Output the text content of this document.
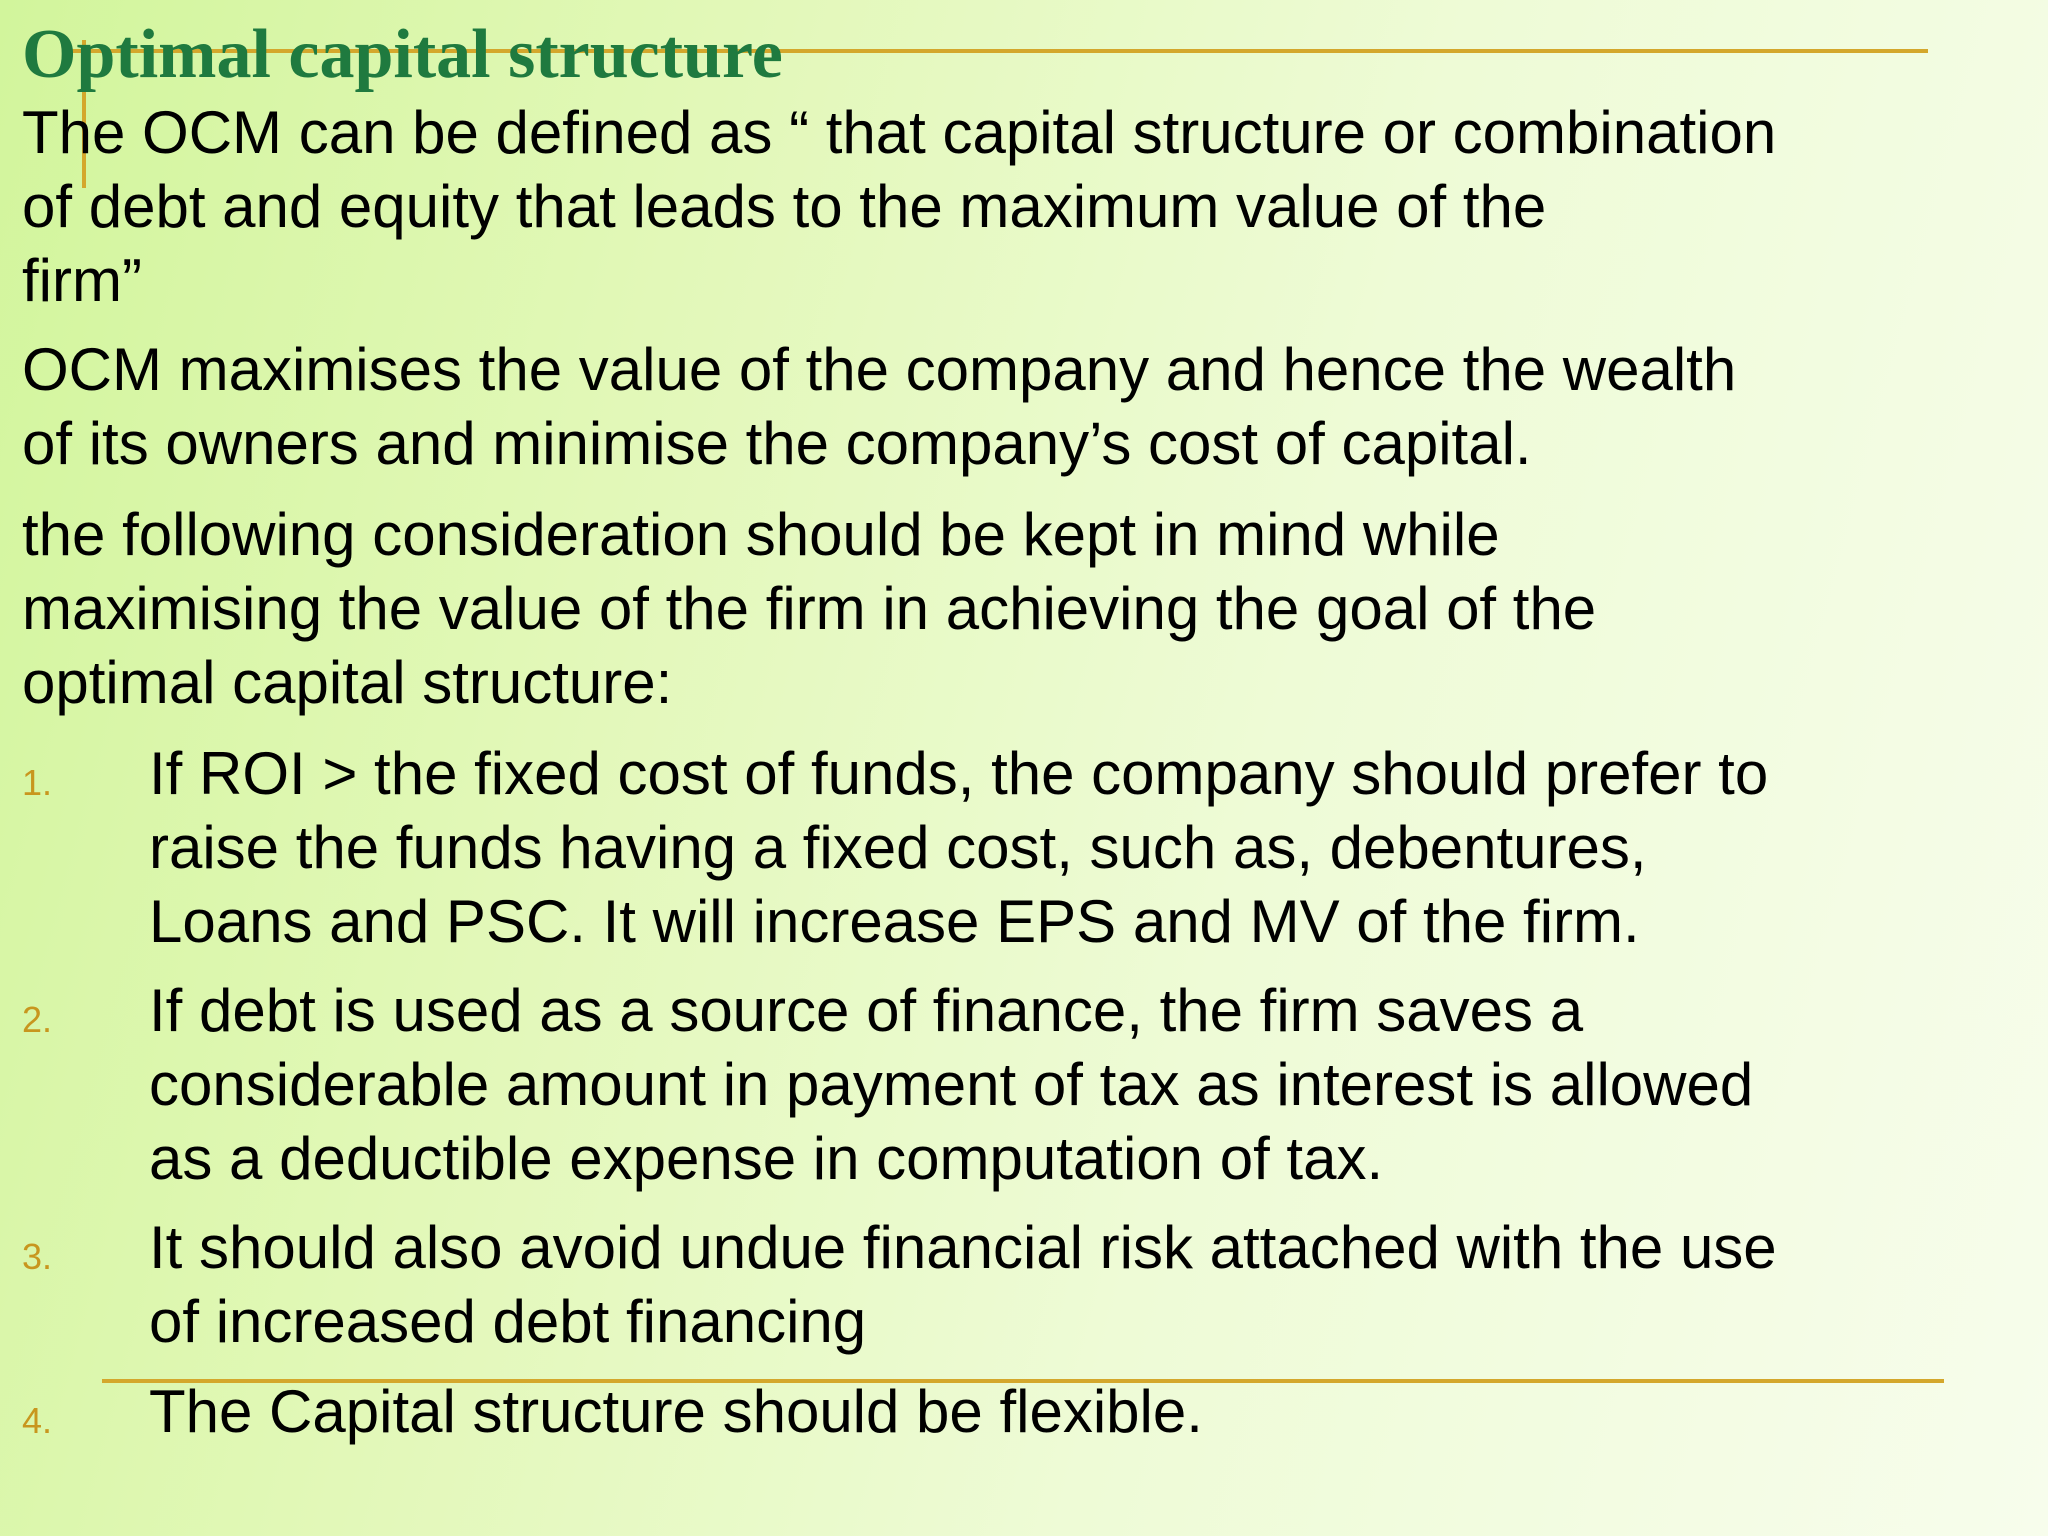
Optimal capital structure

The OCM can be defined as “ that capital structure or combination
of debt and equity that leads to the maximum value of the
firm”

OCM maximises the value of the company and hence the wealth
of its owners and minimise the company’s cost of capital.

the following consideration should be kept in mind while
maximising the value of the firm in achieving the goal of the
optimal capital structure:

1. If ROI > the fixed cost of funds, the company should prefer to
raise the funds having a fixed cost, such as, debentures,
Loans and PSC. It will increase EPS and MV of the firm.

2. If debt is used as a source of finance, the firm saves a
considerable amount in payment of tax as interest is allowed
as a deductible expense in computation of tax.

3. It should also avoid undue financial risk attached with the use
of increased debt financing

4. The Capital structure should be flexible.
